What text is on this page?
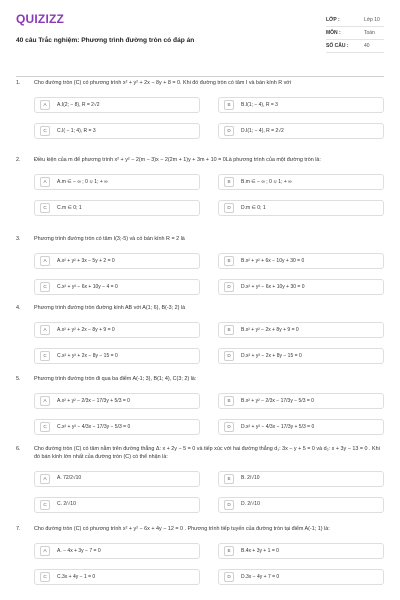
QUIZIZZ
40 câu Trắc nghiệm: Phương trình đường tròn có đáp án
LỚP :	Lớp 10
MÔN :	Toán
SỐ CÂU :	40
1.	Cho đường tròn (C) có phương trình x² + y² + 2x − 8y + 8 = 0. Khi đó đường tròn có tâm I và bán kính R với
A	A.I(2; − 8), R = 2√2	B	B.I(1; − 4), R = 3
C	C.I( − 1; 4), R = 3	D	D.I(1; − 4), R = 2√2
2.	Điều kiện của m để phương trình x² + y² − 2(m − 3)x − 2(2m + 1)y + 3m + 10 = 0Là phương trình của một đường tròn là:
A	A.m ∈ − ∞ ; 0 ∪ 1; + ∞	B	B.m ∈ − ∞ ; 0 ∪ 1; + ∞
C	C.m ∈ 0; 1	D	D.m ∈ 0; 1
3.	Phương trình đường tròn có tâm I(3;-5) và có bán kính R = 2 là
A	A.x² + y² + 3x − 5y + 2 = 0	B	B.x² + y² + 6x − 10y + 30 = 0
C	C.x² + y² − 6x + 10y − 4 = 0	D	D.x² + y² − 6x + 10y + 30 = 0
4.	Phương trình đường tròn đường kính AB với A(1; 6), B(-3; 2) là
A	A.x² + y² + 2x − 8y + 9 = 0	B	B.x² + y² − 2x + 8y + 9 = 0
C	C.x² + y² + 2x − 8y − 15 = 0	D	D.x² + y² − 2x + 8y − 15 = 0
5.	Phương trình đường tròn đi qua ba điểm A(-1; 3), B(1; 4), C(3; 2) là:
A	A.x² + y² − 2/3x − 17/3y + 5/3 = 0	B	B.x² + y² − 2/3x − 17/3y − 5/3 = 0
C	C.x² + y² − 4/3x − 17/3y − 5/3 = 0	D	D.x² + y² − 4/3x − 17/3y + 5/3 = 0
6.	Cho đường tròn (C) có tâm nằm trên đường thẳng Δ: x + 2y − 5 = 0 và tiếp xúc với hai đường thẳng d₁: 3x − y + 5 = 0 và d₂: x + 3y − 13 = 0 . Khi đó bán kính lớn nhất của đường tròn (C) có thể nhận là:
A	A. 72/2√10	B	B. 2/√10
C	C. 2/√10	D	D. 2/√10
7.	Cho đường tròn (C) có phương trình x² + y² − 6x + 4y − 12 = 0 . Phương trình tiếp tuyến của đường tròn tại điểm A(-1; 1) là:
A	A. − 4x + 3y − 7 = 0	B	B.4x + 3y + 1 = 0
C	C.3x + 4y − 1 = 0	D	D.3x − 4y + 7 = 0
